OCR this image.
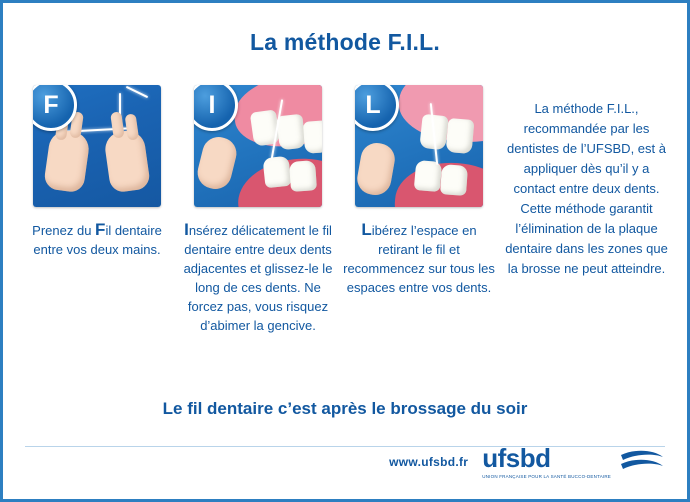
La méthode F.I.L.
F
Prenez du Fil dentaire entre vos deux mains.
I
Insérez délicatement le fil dentaire entre deux dents adjacentes et glissez-le le long de ces dents. Ne forcez pas, vous risquez d’abimer la gencive.
L
Libérez l’espace en retirant le fil et recommencez sur tous les espaces entre vos dents.
La méthode F.I.L., recommandée par les dentistes de l’UFSBD, est à appliquer dès qu’il y a contact entre deux dents. Cette méthode garantit l’élimination de la plaque dentaire dans les zones que la brosse ne peut atteindre.
Le fil dentaire c’est après le brossage du soir
www.ufsbd.fr ufsbd
UNION FRANÇAISE POUR LA SANTÉ BUCCO-DENTAIRE
